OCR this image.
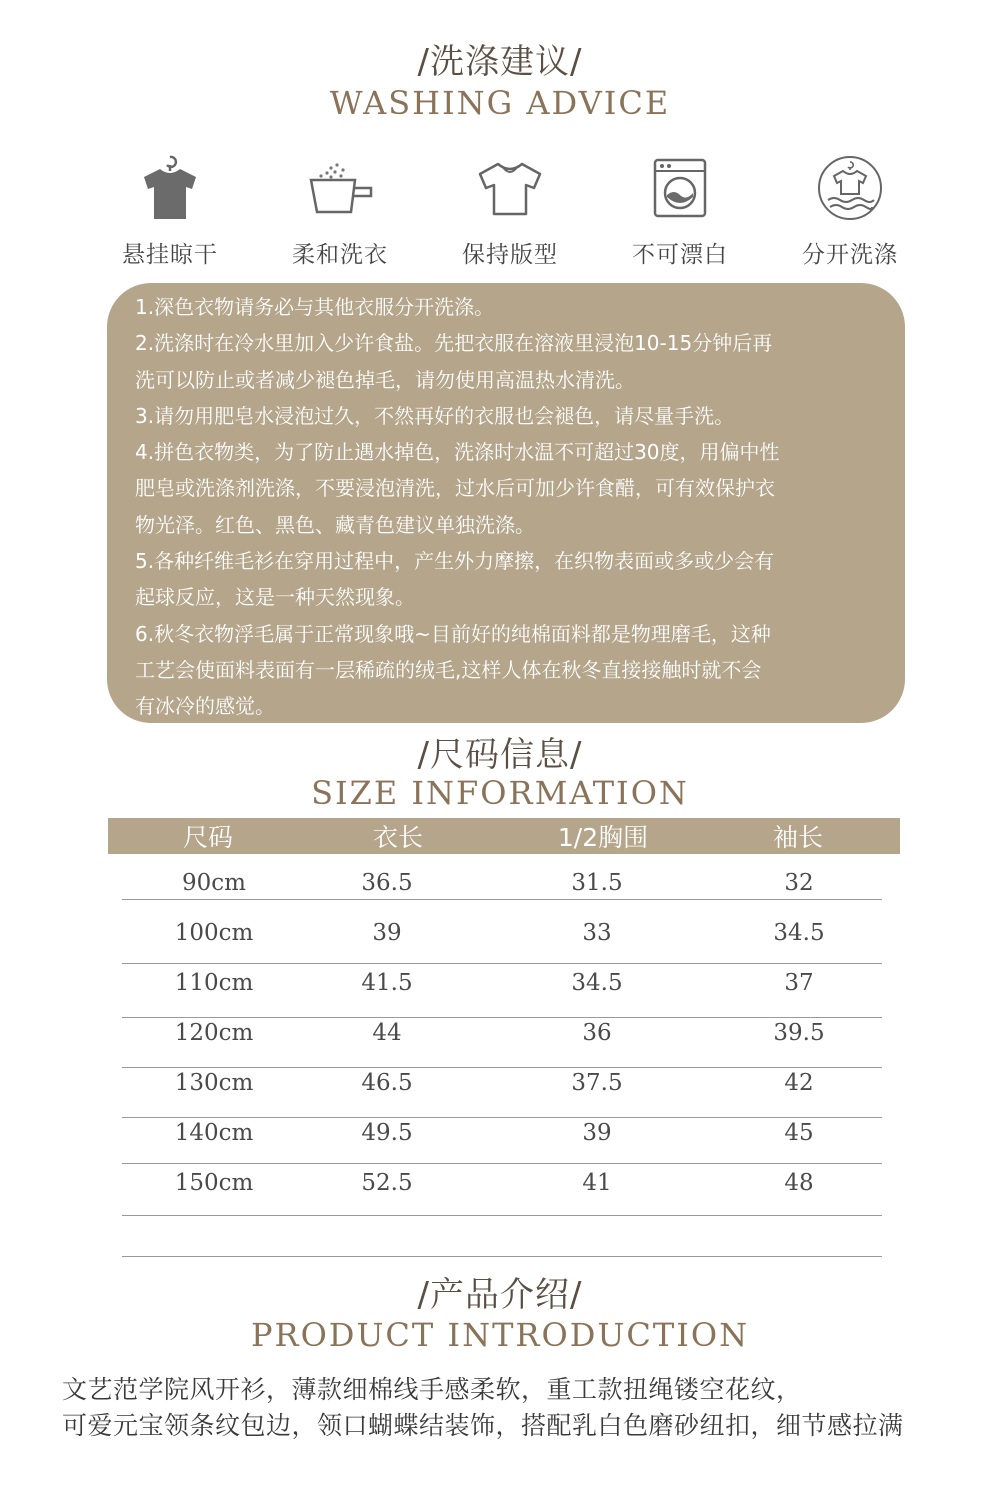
/洗涤建议/
WASHING ADVICE
悬挂晾干	柔和洗衣	保持版型	不可漂白	分开洗涤
1.深色衣物请务必与其他衣服分开洗涤。
2.洗涤时在冷水里加入少许食盐。先把衣服在溶液里浸泡10-15分钟后再
洗可以防止或者减少褪色掉毛，请勿使用高温热水清洗。
3.请勿用肥皂水浸泡过久，不然再好的衣服也会褪色，请尽量手洗。
4.拼色衣物类，为了防止遇水掉色，洗涤时水温不可超过30度，用偏中性
肥皂或洗涤剂洗涤，不要浸泡清洗，过水后可加少许食醋，可有效保护衣
物光泽。红色、黑色、藏青色建议单独洗涤。
5.各种纤维毛衫在穿用过程中，产生外力摩擦，在织物表面或多或少会有
起球反应，这是一种天然现象。
6.秋冬衣物浮毛属于正常现象哦~目前好的纯棉面料都是物理磨毛，这种
工艺会使面料表面有一层稀疏的绒毛,这样人体在秋冬直接接触时就不会
有冰冷的感觉。
/尺码信息/
SIZE INFORMATION
尺码	衣长	1/2胸围	袖长
90cm	36.5	31.5	32
100cm	39	33	34.5
110cm	41.5	34.5	37
120cm	44	36	39.5
130cm	46.5	37.5	42
140cm	49.5	39	45
150cm	52.5	41	48
/产品介绍/
PRODUCT INTRODUCTION
文艺范学院风开衫，薄款细棉线手感柔软，重工款扭绳镂空花纹，
可爱元宝领条纹包边，领口蝴蝶结装饰，搭配乳白色磨砂纽扣，细节感拉满
